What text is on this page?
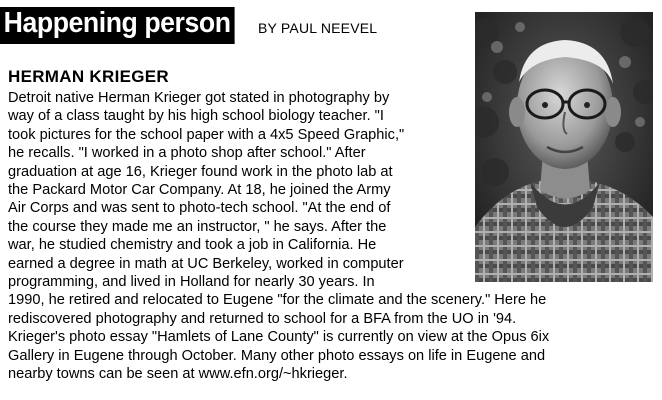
Happening person BY PAUL NEEVEL
HERMAN KRIEGER
Detroit native Herman Krieger got stated in photography by
way of a class taught by his high school biology teacher. "I
took pictures for the school paper with a 4x5 Speed Graphic,"
he recalls. "I worked in a photo shop after school." After
graduation at age 16, Krieger found work in the photo lab at
the Packard Motor Car Company. At 18, he joined the Army
Air Corps and was sent to photo-tech school. "At the end of
the course they made me an instructor, " he says. After the
war, he studied chemistry and took a job in California. He
earned a degree in math at UC Berkeley, worked in computer
programming, and lived in Holland for nearly 30 years. In
1990, he retired and relocated to Eugene "for the climate and the scenery." Here he
rediscovered photography and returned to school for a BFA from the UO in '94.
Krieger's photo essay "Hamlets of Lane County" is currently on view at the Opus 6ix
Gallery in Eugene through October. Many other photo essays on life in Eugene and
nearby towns can be seen at www.efn.org/~hkrieger.
